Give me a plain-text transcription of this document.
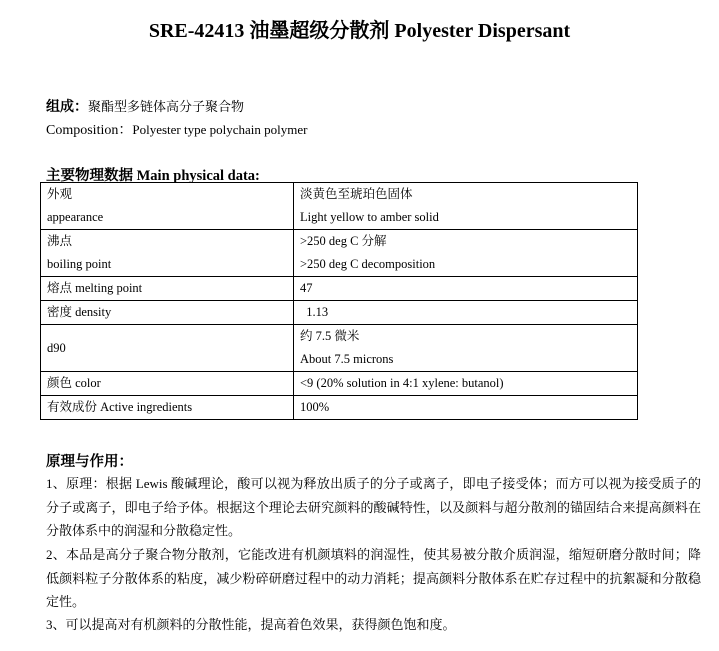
SRE-42413 油墨超级分散剂 Polyester Dispersant
组成：聚酯型多链体高分子聚合物
Composition：Polyester type polychain polymer
主要物理数据 Main physical data:
外观
appearance	淡黄色至琥珀色固体
Light yellow to amber solid

沸点
boiling point	>250 deg C 分解
>250 deg C decomposition

熔点 melting point	47
密度 density	1.13
d90	约 7.5 微米
About 7.5 microns

颜色 color	<9 (20% solution in 4:1 xylene: butanol)
有效成份 Active ingredients	100%
原理与作用：
1、原理：根据 Lewis 酸碱理论，酸可以视为释放出质子的分子或离子，即电子接受体；而方可以视为接受质子的分子或离子，即电子给予体。根据这个理论去研究颜料的酸碱特性，以及颜料与超分散剂的锚固结合来提高颜料在分散体系中的润湿和分散稳定性。
2、本品是高分子聚合物分散剂，它能改进有机颜填料的润湿性，使其易被分散介质润湿，缩短研磨分散时间；降低颜料粒子分散体系的粘度，减少粉碎研磨过程中的动力消耗；提高颜料分散体系在贮存过程中的抗絮凝和分散稳定性。
3、可以提高对有机颜料的分散性能，提高着色效果，获得颜色饱和度。
